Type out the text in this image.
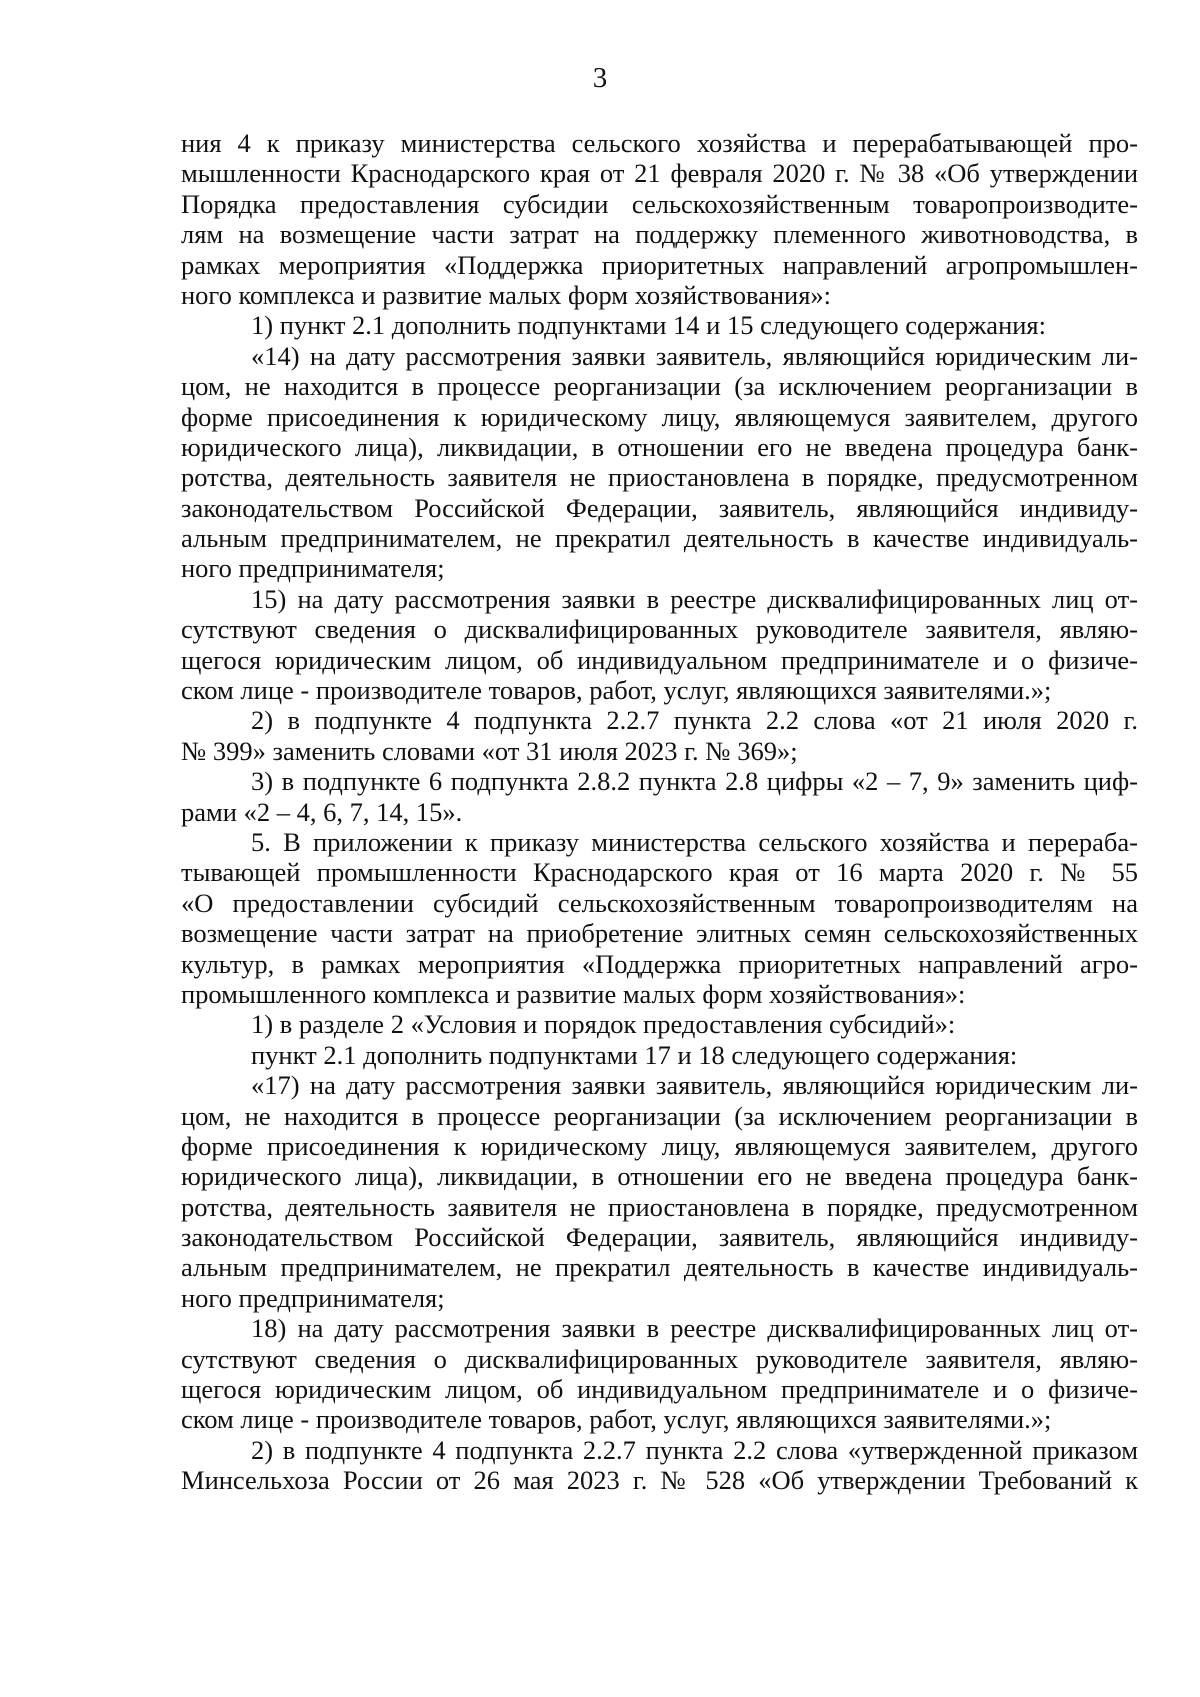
3
ния 4 к приказу министерства сельского хозяйства и перерабатывающей про-
мышленности Краснодарского края от 21 февраля 2020 г. № 38 «Об утверждении
Порядка предоставления субсидии сельскохозяйственным товаропроизводите-
лям на возмещение части затрат на поддержку племенного животноводства, в
рамках мероприятия «Поддержка приоритетных направлений агропромышлен-
ного комплекса и развитие малых форм хозяйствования»:
1) пункт 2.1 дополнить подпунктами 14 и 15 следующего содержания:
«14) на дату рассмотрения заявки заявитель, являющийся юридическим ли-
цом, не находится в процессе реорганизации (за исключением реорганизации в
форме присоединения к юридическому лицу, являющемуся заявителем, другого
юридического лица), ликвидации, в отношении его не введена процедура банк-
ротства, деятельность заявителя не приостановлена в порядке, предусмотренном
законодательством Российской Федерации, заявитель, являющийся индивиду-
альным предпринимателем, не прекратил деятельность в качестве индивидуаль-
ного предпринимателя;
15) на дату рассмотрения заявки в реестре дисквалифицированных лиц от-
сутствуют сведения о дисквалифицированных руководителе заявителя, являю-
щегося юридическим лицом, об индивидуальном предпринимателе и о физиче-
ском лице - производителе товаров, работ, услуг, являющихся заявителями.»;
2) в подпункте 4 подпункта 2.2.7 пункта 2.2 слова «от 21 июля 2020 г.
№ 399» заменить словами «от 31 июля 2023 г. № 369»;
3) в подпункте 6 подпункта 2.8.2 пункта 2.8 цифры «2 – 7, 9» заменить циф-
рами «2 – 4, 6, 7, 14, 15».
5. В приложении к приказу министерства сельского хозяйства и перераба-
тывающей промышленности Краснодарского края от 16 марта 2020 г. № 55
«О предоставлении субсидий сельскохозяйственным товаропроизводителям на
возмещение части затрат на приобретение элитных семян сельскохозяйственных
культур, в рамках мероприятия «Поддержка приоритетных направлений агро-
промышленного комплекса и развитие малых форм хозяйствования»:
1) в разделе 2 «Условия и порядок предоставления субсидий»:
пункт 2.1 дополнить подпунктами 17 и 18 следующего содержания:
«17) на дату рассмотрения заявки заявитель, являющийся юридическим ли-
цом, не находится в процессе реорганизации (за исключением реорганизации в
форме присоединения к юридическому лицу, являющемуся заявителем, другого
юридического лица), ликвидации, в отношении его не введена процедура банк-
ротства, деятельность заявителя не приостановлена в порядке, предусмотренном
законодательством Российской Федерации, заявитель, являющийся индивиду-
альным предпринимателем, не прекратил деятельность в качестве индивидуаль-
ного предпринимателя;
18) на дату рассмотрения заявки в реестре дисквалифицированных лиц от-
сутствуют сведения о дисквалифицированных руководителе заявителя, являю-
щегося юридическим лицом, об индивидуальном предпринимателе и о физиче-
ском лице - производителе товаров, работ, услуг, являющихся заявителями.»;
2) в подпункте 4 подпункта 2.2.7 пункта 2.2 слова «утвержденной приказом
Минсельхоза России от 26 мая 2023 г. № 528 «Об утверждении Требований к
